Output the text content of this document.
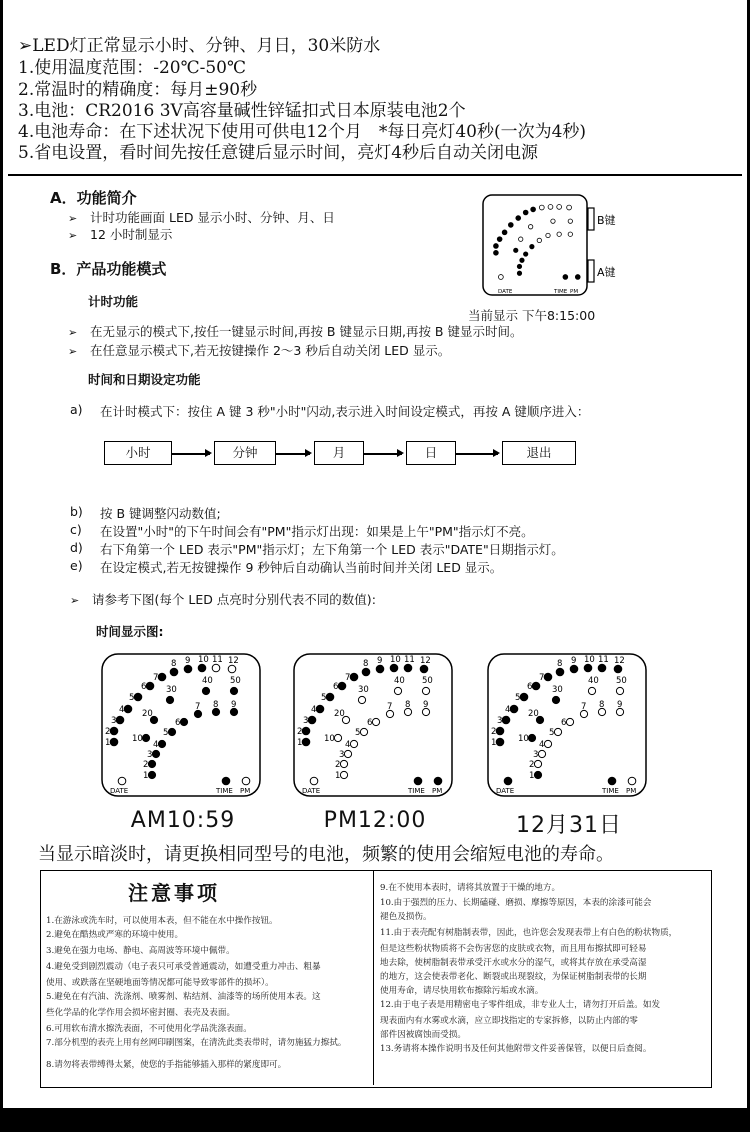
➢LED灯正常显示小时、分钟、月日，30米防水
1.使用温度范围：-20℃-50℃
2.常温时的精确度：每月±90秒
3.电池：CR2016 3V高容量碱性锌锰扣式日本原装电池2个
4.电池寿命：在下述状况下使用可供电12个月　*每日亮灯40秒(一次为4秒)
5.省电设置，看时间先按任意键后显示时间，亮灯4秒后自动关闭电源
A．功能简介
➢ 计时功能画面 LED 显示小时、分钟、月、日
➢ 12 小时制显示
B．产品功能模式
计时功能
➢ 在无显示的模式下,按任一键显示时间,再按 B 键显示日期,再按 B 键显示时间。
➢ 在任意显示模式下,若无按键操作 2～3 秒后自动关闭 LED 显示。
B键
A键
DATE	TIME PM
当前显示 下午8:15:00
时间和日期设定功能
a) 在计时模式下：按住 A 键 3 秒"小时"闪动,表示进入时间设定模式，再按 A 键顺序进入：
小时	分钟	月	日	退出
b) 按 B 键调整闪动数值;
c) 在设置"小时"的下午时间会有"PM"指示灯出现：如果是上午"PM"指示灯不亮。
d) 右下角第一个 LED 表示"PM"指示灯；左下角第一个 LED 表示"DATE"日期指示灯。
e) 在设定模式,若无按键操作 9 秒钟后自动确认当前时间并关闭 LED 显示。
➢ 请参考下图(每个 LED 点亮时分别代表不同的数值):
时间显示图:
1
2
3
4
5
6
7
8 9 10 11 12
10
20
30
40 50
1
2
3
4
5
6
7 8 9
DATE	TIME PM
1
2
3
4
5
6
7
8 9 10 11 12
10
20
30
40 50
1
2
3
4
5
6
7 8 9
DATE	TIME PM
1
2
3
4
5
6
7
8 9 10 11 12
10
20
30
40 50
1
2
3
4
5
6
7 8 9
DATE	TIME PM
AM10:59	PM12:00	12月31日
当显示暗淡时，请更换相同型号的电池，频繁的使用会缩短电池的寿命。
注意事项
1.在游泳或洗车时，可以使用本表，但不能在水中操作按钮。
2.避免在酷热或严寒的环境中使用。
3.避免在强力电场、静电、高周波等环境中佩带。
4.避免受到剧烈震动（电子表只可承受普通震动，如遭受重力冲击、粗暴
使用、或跌落在坚硬地面等情况都可能导致零部件的损坏）。
5.避免在有汽油、洗涤剂、喷雾剂、粘结剂、油漆等的场所使用本表。这
些化学品的化学作用会损坏密封圈、表壳及表面。
6.可用软布清水擦洗表面，不可使用化学品洗涤表面。
7.部分机型的表壳上用有丝网印刷图案，在清洗此类表带时，请勿施猛力擦拭。
8.请勿将表带缚得太紧，使您的手指能够插入那样的紧度即可。
9.在不使用本表时，请将其放置于干燥的地方。
10.由于强烈的压力、长期磕碰、磨损、摩擦等原因，本表的涂漆可能会
褪色及损伤。
11.由于表壳配有树脂制表带，因此，也许您会发现表带上有白色的粉状物质，
但是这些粉状物质将不会伤害您的皮肤或衣物，而且用布擦拭即可轻易
地去除，使树脂制表带承受汗水或水分的湿气，或将其存放在承受高湿
的地方，这会使表带老化、断裂或出现裂纹，为保证树脂制表带的长期
使用寿命，请尽快用软布擦除污垢或水滴。
12.由于电子表是用精密电子零件组成，非专业人士，请勿打开后盖。如发
现表面内有水雾或水滴，应立即找指定的专家拆修，以防止内部的零
部件因被腐蚀而受损。
13.务请将本操作说明书及任何其他附带文件妥善保管，以便日后查阅。
